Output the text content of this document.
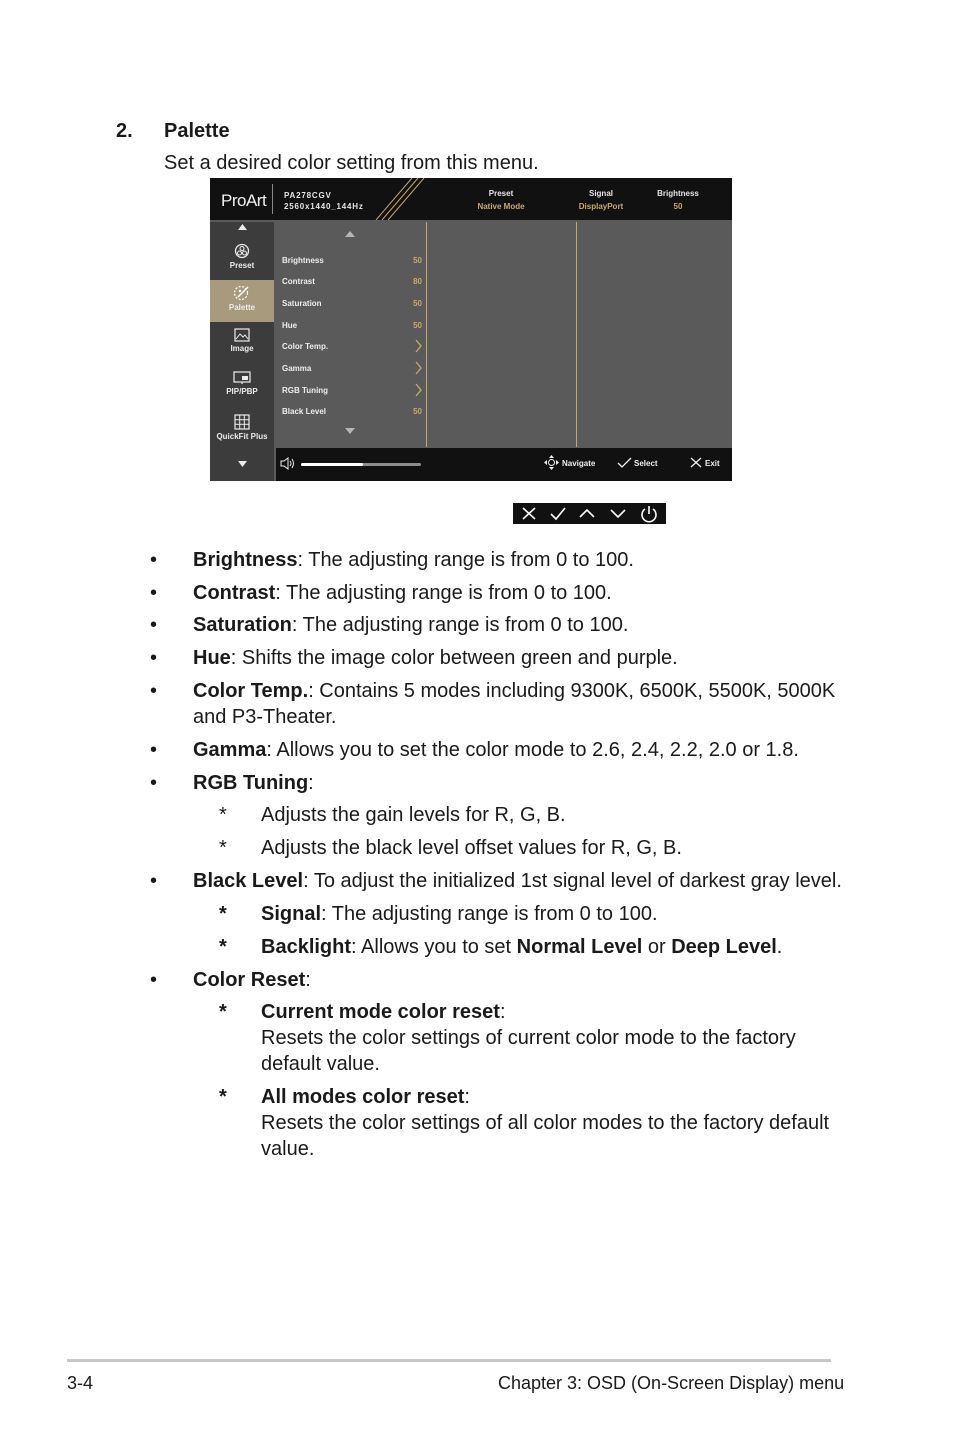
2. Palette
Set a desired color setting from this menu.
ProArt PA278CGV
2560x1440_144Hz
Preset
Native Mode
Signal
DisplayPort
Brightness
50
Preset
Palette
Image
PIP/PBP
QuickFit Plus
Brightness	50
Contrast	80
Saturation	50
Hue	50
Color Temp.
Gamma
RGB Tuning
Black Level	50
Navigate	Select	Exit
• Brightness: The adjusting range is from 0 to 100.
• Contrast: The adjusting range is from 0 to 100.
• Saturation: The adjusting range is from 0 to 100.
• Hue: Shifts the image color between green and purple.
• Color Temp.: Contains 5 modes including 9300K, 6500K, 5500K, 5000K
and P3-Theater.
• Gamma: Allows you to set the color mode to 2.6, 2.4, 2.2, 2.0 or 1.8.
• RGB Tuning:
* Adjusts the gain levels for R, G, B.
* Adjusts the black level offset values for R, G, B.
• Black Level: To adjust the initialized 1st signal level of darkest gray level.
* Signal: The adjusting range is from 0 to 100.
* Backlight: Allows you to set Normal Level or Deep Level.
• Color Reset:
* Current mode color reset:
Resets the color settings of current color mode to the factory
default value.
* All modes color reset:
Resets the color settings of all color modes to the factory default
value.
3-4	Chapter 3: OSD (On-Screen Display) menu
